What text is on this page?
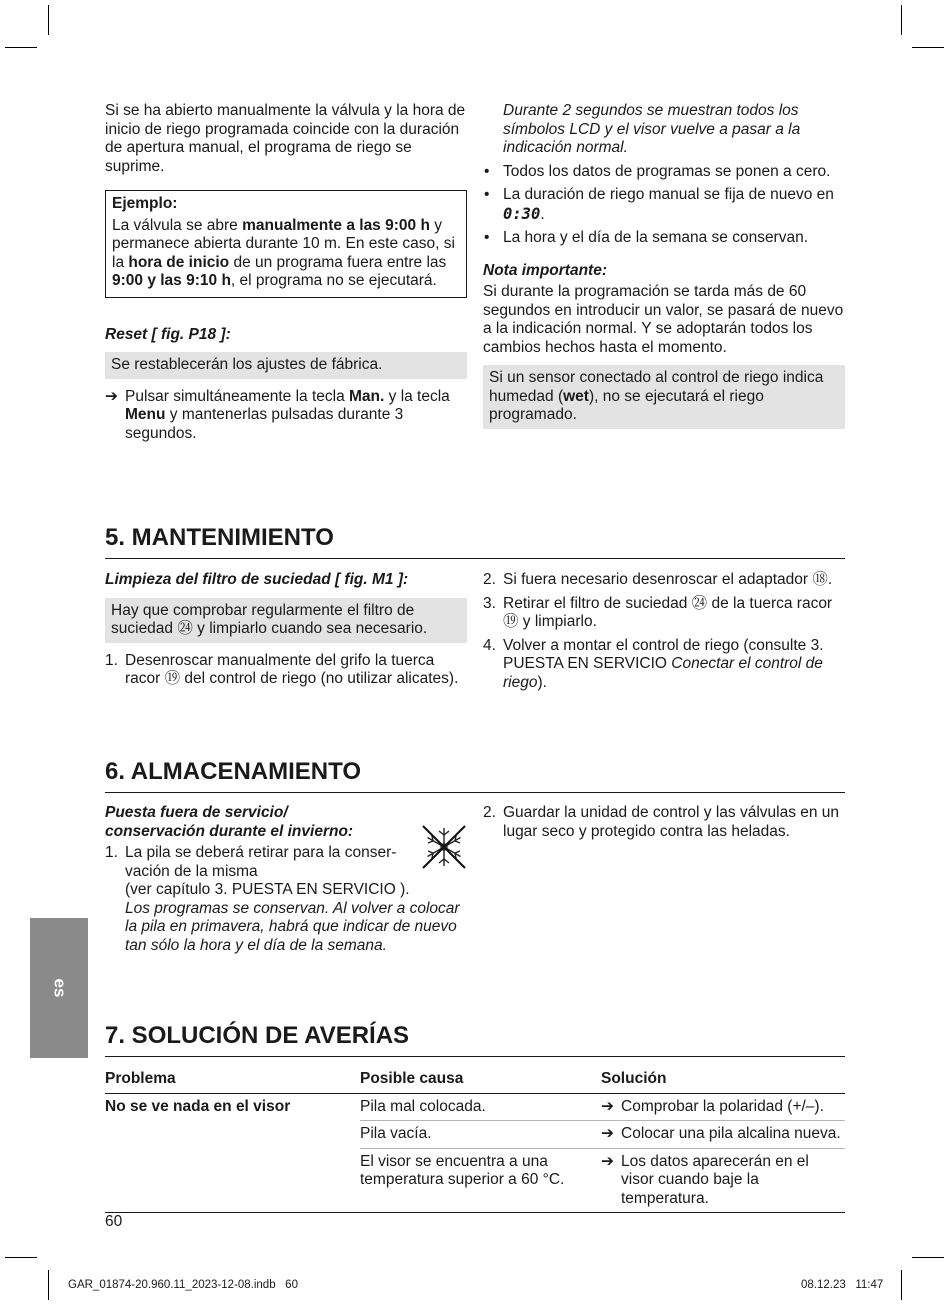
Si se ha abierto manualmente la válvula y la hora de inicio de riego programada coincide con la duración de apertura manual, el programa de riego se suprime.

Ejemplo:

La válvula se abre manualmente a las 9:00 h y permanece abierta durante 10 m. En este caso, si la hora de inicio de un programa fuera entre las 9:00 y las 9:10 h, el programa no se ejecutará.

Reset [ fig. P18 ]:

Se restablecerán los ajustes de fábrica.
➔ Pulsar simultáneamente la tecla Man. y la tecla Menu y mantenerlas pulsadas durante 3 segundos.

Durante 2 segundos se muestran todos los símbolos LCD y el visor vuelve a pasar a la indicación normal.

• Todos los datos de programas se ponen a cero.
• La duración de riego manual se fija de nuevo en 0:30.
• La hora y el día de la semana se conservan.

Nota importante:

Si durante la programación se tarda más de 60 segundos en introducir un valor, se pasará de nuevo a la indicación normal. Y se adoptarán todos los cambios hechos hasta el momento.

Si un sensor conectado al control de riego indica humedad (wet), no se ejecutará el riego programado.
5. MANTENIMIENTO

Limpieza del filtro de suciedad [ fig. M1 ]:

Hay que comprobar regularmente el filtro de suciedad ㉔ y limpiarlo cuando sea necesario.
1. Desenroscar manualmente del grifo la tuerca racor ⑲ del control de riego (no utilizar alicates).
2. Si fuera necesario desenroscar el adaptador ⑱.
3. Retirar el filtro de suciedad ㉔ de la tuerca racor ⑲ y limpiarlo.
4. Volver a montar el control de riego (consulte 3. PUESTA EN SERVICIO Conectar el control de riego).
6. ALMACENAMIENTO

Puesta fuera de servicio/

conservación durante el invierno:

1. La pila se deberá retirar para la conser-vación de la misma
(ver capítulo 3. PUESTA EN SERVICIO ).

Los programas se conservan. Al volver a colocar la pila en primavera, habrá que indicar de nuevo tan sólo la hora y el día de la semana.

2. Guardar la unidad de control y las válvulas en un lugar seco y protegido contra las heladas.
es
7. SOLUCIÓN DE AVERÍAS
Problema	Posible causa	Solución
No se ve nada en el visor	Pila mal colocada.	➔ Comprobar la polaridad (+/–).

	Pila vacía.	➔ Colocar una pila alcalina nueva.

	El visor se encuentra a una temperatura superior a 60 °C.	➔ Los datos aparecerán en el visor cuando baje la temperatura.
60
GAR_01874-20.960.11_2023-12-08.indb   60	08.12.23   11:47
